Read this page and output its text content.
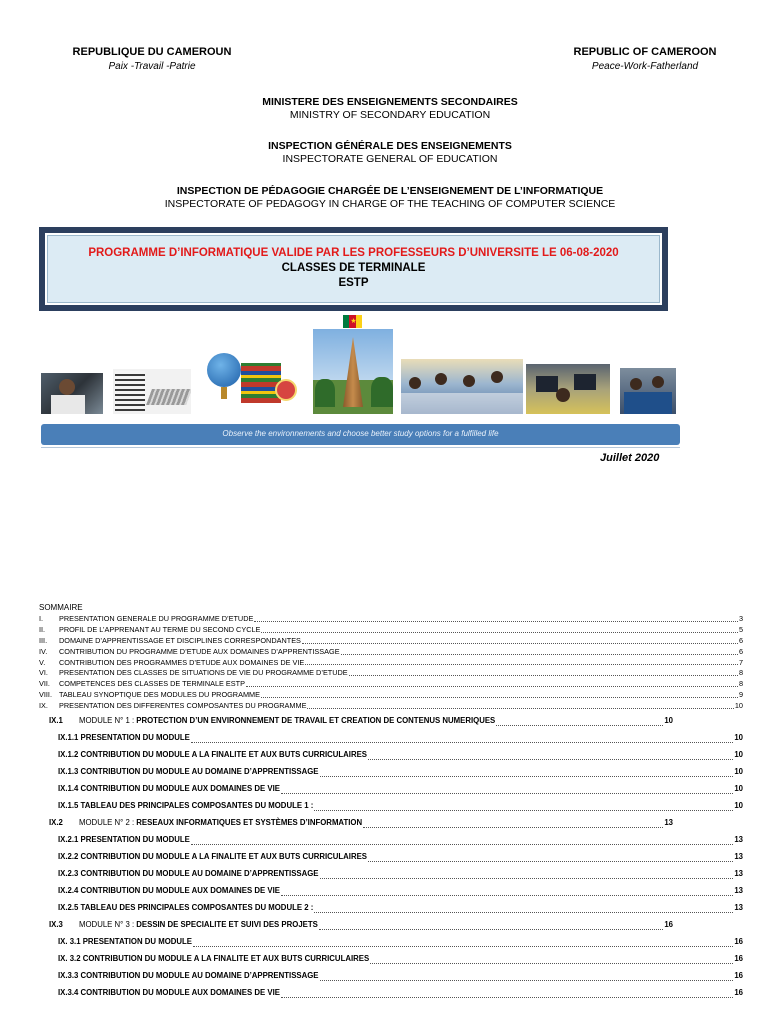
REPUBLIQUE DU CAMEROUN
Paix -Travail -Patrie
REPUBLIC OF CAMEROON
Peace-Work-Fatherland
MINISTERE DES ENSEIGNEMENTS SECONDAIRES
MINISTRY OF SECONDARY EDUCATION
INSPECTION GÉNÉRALE DES ENSEIGNEMENTS
INSPECTORATE GENERAL OF EDUCATION
INSPECTION DE PÉDAGOGIE CHARGÉE DE L’ENSEIGNEMENT DE L’INFORMATIQUE
INSPECTORATE OF PEDAGOGY IN CHARGE OF THE TEACHING OF COMPUTER SCIENCE
PROGRAMME D’INFORMATIQUE VALIDE PAR LES PROFESSEURS D’UNIVERSITE LE 06-08-2020
CLASSES DE TERMINALE
ESTP
★
Observe the environnements and choose better study options for a fulfilled life
Juillet 2020
SOMMAIRE
I.	PRESENTATION GENERALE DU PROGRAMME D’ETUDE	3
II.	PROFIL DE L’APPRENANT AU TERME DU SECOND CYCLE	5
III.	DOMAINE D’APPRENTISSAGE ET DISCIPLINES CORRESPONDANTES	6
IV.	CONTRIBUTION DU PROGRAMME D’ETUDE AUX DOMAINES D’APPRENTISSAGE	6
V.	CONTRIBUTION DES PROGRAMMES D’ETUDE AUX DOMAINES DE VIE	7
VI.	PRESENTATION DES CLASSES DE SITUATIONS DE VIE DU PROGRAMME D’ETUDE	8
VII.	COMPETENCES DES CLASSES DE TERMINALE ESTP	8
VIII. TABLEAU SYNOPTIQUE DES MODULES DU PROGRAMME	9
IX.	PRESENTATION DES DIFFERENTES COMPOSANTES DU PROGRAMME	10
IX.1	MODULE N° 1 : PROTECTION D’UN ENVIRONNEMENT DE TRAVAIL ET CREATION DE CONTENUS NUMERIQUES	10
IX.1.1 PRESENTATION DU MODULE	10
IX.1.2 CONTRIBUTION DU MODULE A LA FINALITE ET AUX BUTS CURRICULAIRES	10
IX.1.3 CONTRIBUTION DU MODULE AU DOMAINE D’APPRENTISSAGE	10
IX.1.4 CONTRIBUTION DU MODULE AUX DOMAINES DE VIE	10
IX.1.5 TABLEAU DES PRINCIPALES COMPOSANTES DU MODULE 1 :	10
IX.2	MODULE N° 2 : RESEAUX INFORMATIQUES ET SYSTÈMES D’INFORMATION	13
IX.2.1 PRESENTATION DU MODULE	13
IX.2.2 CONTRIBUTION DU MODULE A LA FINALITE ET AUX BUTS CURRICULAIRES	13
IX.2.3 CONTRIBUTION DU MODULE AU DOMAINE D’APPRENTISSAGE	13
IX.2.4 CONTRIBUTION DU MODULE AUX DOMAINES DE VIE	13
IX.2.5 TABLEAU DES PRINCIPALES COMPOSANTES DU MODULE 2 :	13
IX.3	MODULE N° 3 : DESSIN DE SPECIALITE ET SUIVI DES PROJETS	16
IX. 3.1 PRESENTATION DU MODULE	16
IX. 3.2 CONTRIBUTION DU MODULE A LA FINALITE ET AUX BUTS CURRICULAIRES	16
IX.3.3 CONTRIBUTION DU MODULE AU DOMAINE D’APPRENTISSAGE	16
IX.3.4 CONTRIBUTION DU MODULE AUX DOMAINES DE VIE	16
